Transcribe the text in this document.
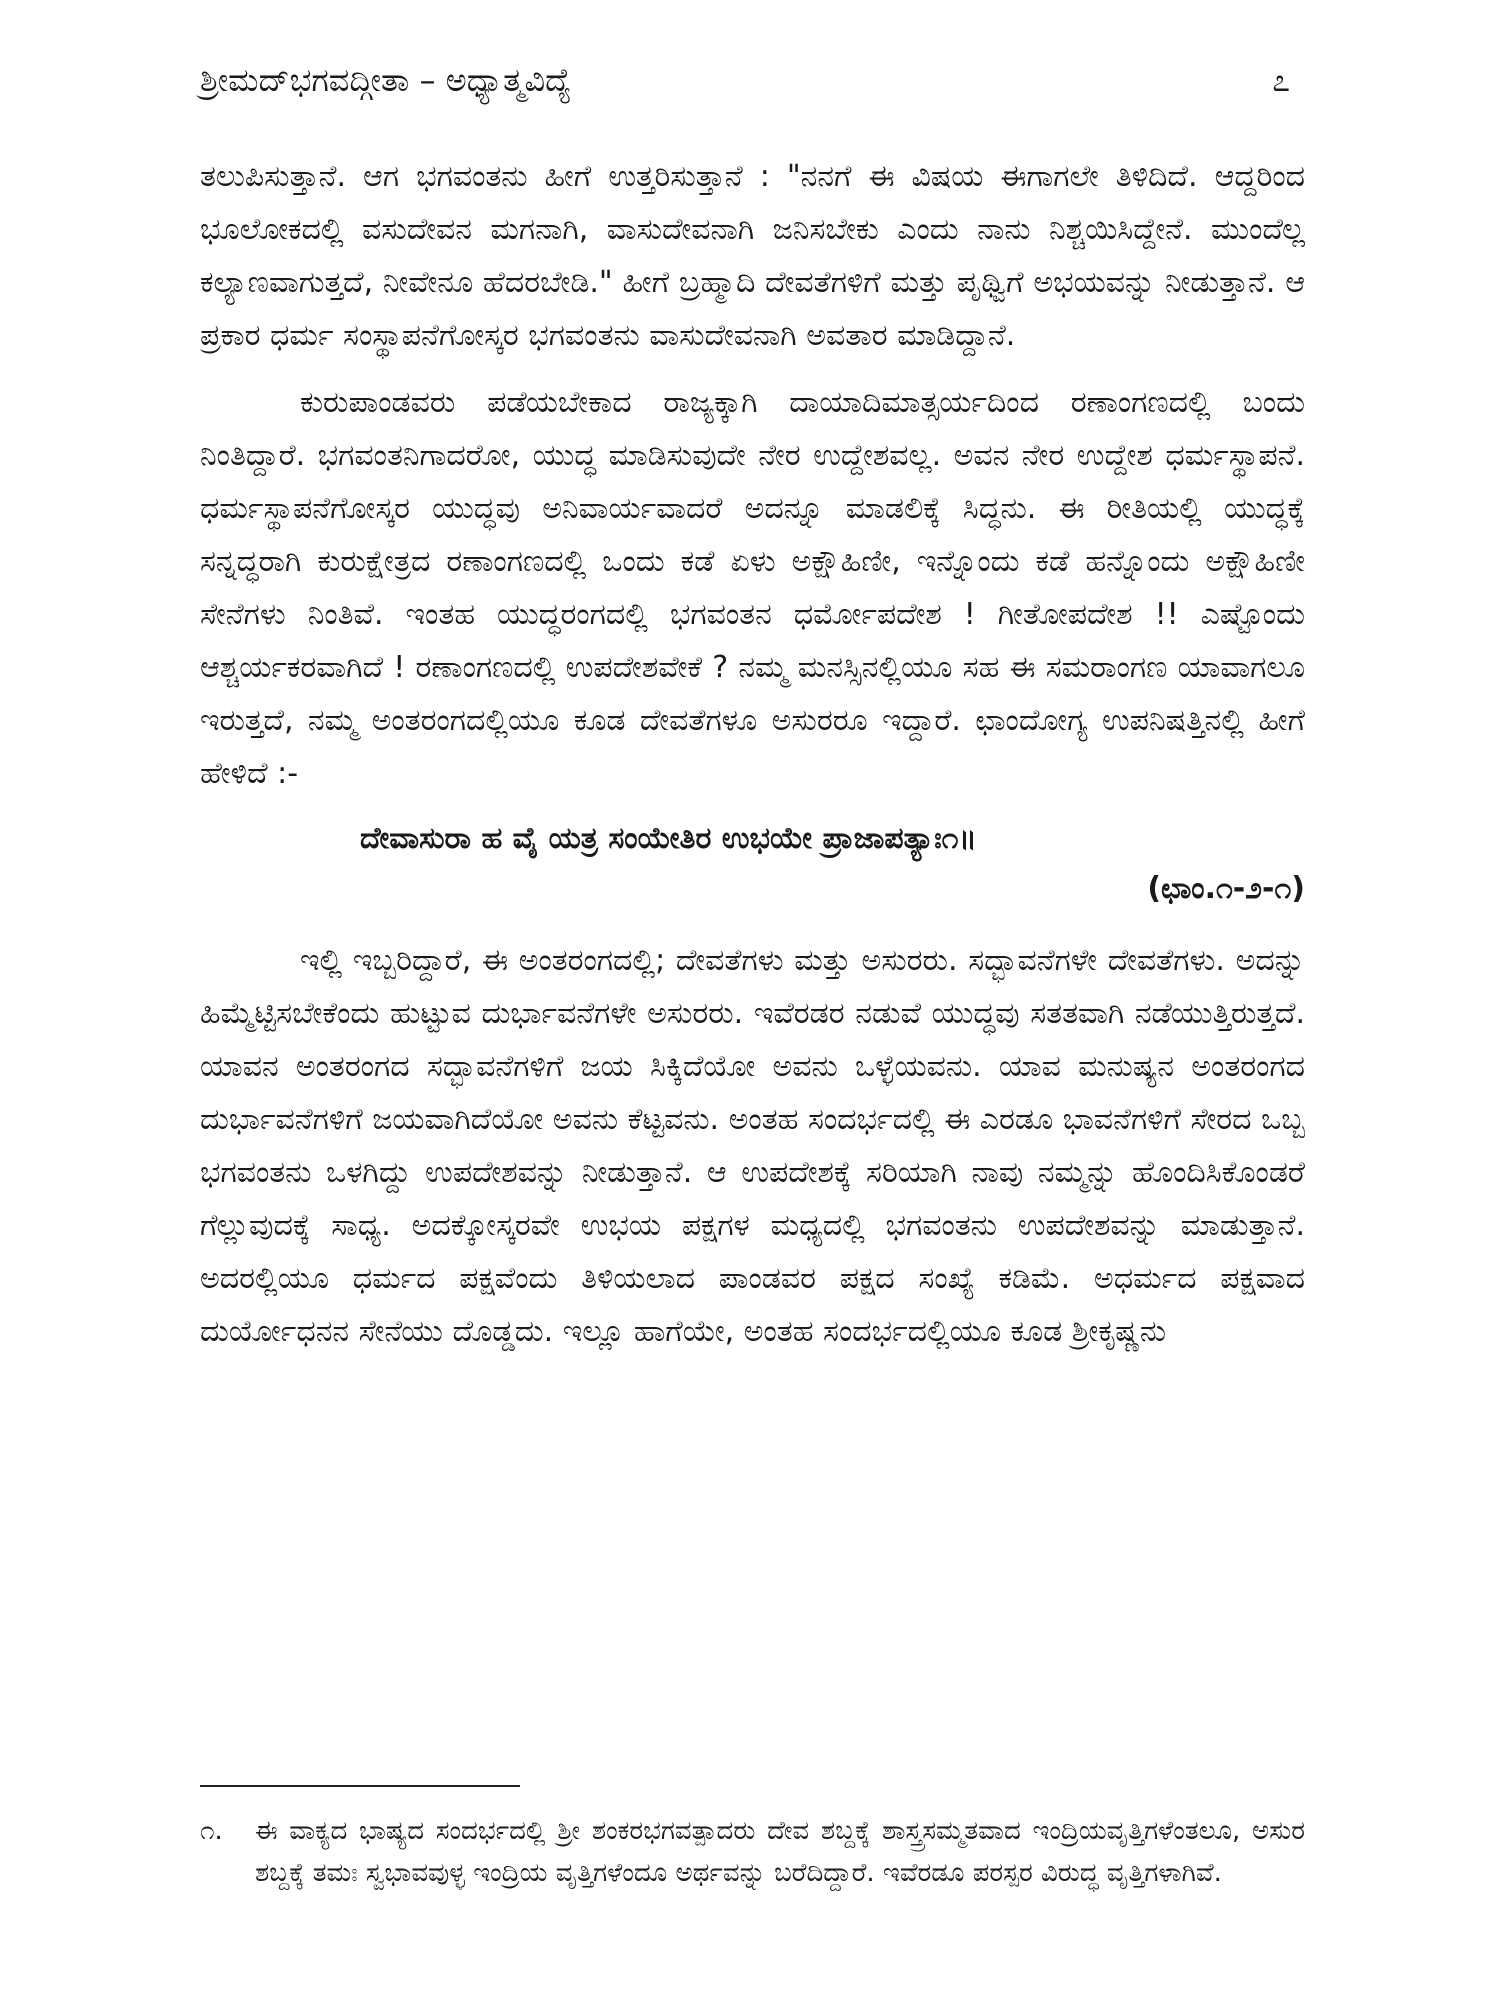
ಶ್ರೀಮದ್‌ಭಗವದ್ಗೀತಾ – ಅಧ್ಯಾತ್ಮವಿದ್ಯೆ	೭

ತಲುಪಿಸುತ್ತಾನೆ. ಆಗ ಭಗವಂತನು ಹೀಗೆ ಉತ್ತರಿಸುತ್ತಾನೆ : "ನನಗೆ ಈ ವಿಷಯ ಈಗಾಗಲೇ ತಿಳಿದಿದೆ. ಆದ್ದರಿಂದ ಭೂಲೋಕದಲ್ಲಿ ವಸುದೇವನ ಮಗನಾಗಿ, ವಾಸುದೇವನಾಗಿ ಜನಿಸಬೇಕು ಎಂದು ನಾನು ನಿಶ್ಚಯಿಸಿದ್ದೇನೆ. ಮುಂದೆಲ್ಲ ಕಲ್ಯಾಣವಾಗುತ್ತದೆ, ನೀವೇನೂ ಹೆದರಬೇಡಿ." ಹೀಗೆ ಬ್ರಹ್ಮಾದಿ ದೇವತೆಗಳಿಗೆ ಮತ್ತು ಪೃಥ್ವಿಗೆ ಅಭಯವನ್ನು ನೀಡುತ್ತಾನೆ. ಆ ಪ್ರಕಾರ ಧರ್ಮ ಸಂಸ್ಥಾಪನೆಗೋಸ್ಕರ ಭಗವಂತನು ವಾಸುದೇವನಾಗಿ ಅವತಾರ ಮಾಡಿದ್ದಾನೆ.

ಕುರುಪಾಂಡವರು ಪಡೆಯಬೇಕಾದ ರಾಜ್ಯಕ್ಕಾಗಿ ದಾಯಾದಿಮಾತ್ಸರ್ಯದಿಂದ ರಣಾಂಗಣದಲ್ಲಿ ಬಂದು ನಿಂತಿದ್ದಾರೆ. ಭಗವಂತನಿಗಾದರೋ, ಯುದ್ಧ ಮಾಡಿಸುವುದೇ ನೇರ ಉದ್ದೇಶವಲ್ಲ. ಅವನ ನೇರ ಉದ್ದೇಶ ಧರ್ಮಸ್ಥಾಪನೆ. ಧರ್ಮಸ್ಥಾಪನೆಗೋಸ್ಕರ ಯುದ್ಧವು ಅನಿವಾರ್ಯವಾದರೆ ಅದನ್ನೂ ಮಾಡಲಿಕ್ಕೆ ಸಿದ್ಧನು. ಈ ರೀತಿಯಲ್ಲಿ ಯುದ್ಧಕ್ಕೆ ಸನ್ನದ್ಧರಾಗಿ ಕುರುಕ್ಷೇತ್ರದ ರಣಾಂಗಣದಲ್ಲಿ ಒಂದು ಕಡೆ ಏಳು ಅಕ್ಷೌಹಿಣೀ, ಇನ್ನೊಂದು ಕಡೆ ಹನ್ನೊಂದು ಅಕ್ಷೌಹಿಣೀ ಸೇನೆಗಳು ನಿಂತಿವೆ. ಇಂತಹ ಯುದ್ಧರಂಗದಲ್ಲಿ ಭಗವಂತನ ಧರ್ಮೋಪದೇಶ ! ಗೀತೋಪದೇಶ !! ಎಷ್ಟೊಂದು ಆಶ್ಚರ್ಯಕರವಾಗಿದೆ ! ರಣಾಂಗಣದಲ್ಲಿ ಉಪದೇಶವೇಕೆ ? ನಮ್ಮ ಮನಸ್ಸಿನಲ್ಲಿಯೂ ಸಹ ಈ ಸಮರಾಂಗಣ ಯಾವಾಗಲೂ ಇರುತ್ತದೆ, ನಮ್ಮ ಅಂತರಂಗದಲ್ಲಿಯೂ ಕೂಡ ದೇವತೆಗಳೂ ಅಸುರರೂ ಇದ್ದಾರೆ. ಛಾಂದೋಗ್ಯ ಉಪನಿಷತ್ತಿನಲ್ಲಿ ಹೀಗೆ ಹೇಳಿದೆ :-

ದೇವಾಸುರಾ ಹ ವೈ ಯತ್ರ ಸಂಯೇತಿರ ಉಭಯೇ ಪ್ರಾಜಾಪತ್ಯಾಃ೧॥
(ಛಾಂ.೧-೨-೧)

ಇಲ್ಲಿ ಇಬ್ಬರಿದ್ದಾರೆ, ಈ ಅಂತರಂಗದಲ್ಲಿ; ದೇವತೆಗಳು ಮತ್ತು ಅಸುರರು. ಸದ್ಭಾವನೆಗಳೇ ದೇವತೆಗಳು. ಅದನ್ನು ಹಿಮ್ಮೆಟ್ಟಿಸಬೇಕೆಂದು ಹುಟ್ಟುವ ದುರ್ಭಾವನೆಗಳೇ ಅಸುರರು. ಇವೆರಡರ ನಡುವೆ ಯುದ್ಧವು ಸತತವಾಗಿ ನಡೆಯುತ್ತಿರುತ್ತದೆ. ಯಾವನ ಅಂತರಂಗದ ಸದ್ಭಾವನೆಗಳಿಗೆ ಜಯ ಸಿಕ್ಕಿದೆಯೋ ಅವನು ಒಳ್ಳೆಯವನು. ಯಾವ ಮನುಷ್ಯನ ಅಂತರಂಗದ ದುರ್ಭಾವನೆಗಳಿಗೆ ಜಯವಾಗಿದೆಯೋ ಅವನು ಕೆಟ್ಟವನು. ಅಂತಹ ಸಂದರ್ಭದಲ್ಲಿ ಈ ಎರಡೂ ಭಾವನೆಗಳಿಗೆ ಸೇರದ ಒಬ್ಬ ಭಗವಂತನು ಒಳಗಿದ್ದು ಉಪದೇಶವನ್ನು ನೀಡುತ್ತಾನೆ. ಆ ಉಪದೇಶಕ್ಕೆ ಸರಿಯಾಗಿ ನಾವು ನಮ್ಮನ್ನು ಹೊಂದಿಸಿಕೊಂಡರೆ ಗೆಲ್ಲುವುದಕ್ಕೆ ಸಾಧ್ಯ. ಅದಕ್ಕೋಸ್ಕರವೇ ಉಭಯ ಪಕ್ಷಗಳ ಮಧ್ಯದಲ್ಲಿ ಭಗವಂತನು ಉಪದೇಶವನ್ನು ಮಾಡುತ್ತಾನೆ. ಅದರಲ್ಲಿಯೂ ಧರ್ಮದ ಪಕ್ಷವೆಂದು ತಿಳಿಯಲಾದ ಪಾಂಡವರ ಪಕ್ಷದ ಸಂಖ್ಯೆ ಕಡಿಮೆ. ಅಧರ್ಮದ ಪಕ್ಷವಾದ ದುರ್ಯೋಧನನ ಸೇನೆಯು ದೊಡ್ಡದು. ಇಲ್ಲೂ ಹಾಗೆಯೇ, ಅಂತಹ ಸಂದರ್ಭದಲ್ಲಿಯೂ ಕೂಡ ಶ್ರೀಕೃಷ್ಣನು

೧. ಈ ವಾಕ್ಯದ ಭಾಷ್ಯದ ಸಂದರ್ಭದಲ್ಲಿ ಶ್ರೀ ಶಂಕರಭಗವತ್ಪಾದರು ದೇವ ಶಬ್ದಕ್ಕೆ ಶಾಸ್ತ್ರಸಮ್ಮತವಾದ ಇಂದ್ರಿಯವೃತ್ತಿಗಳೆಂತಲೂ, ಅಸುರ ಶಬ್ದಕ್ಕೆ ತಮಃ ಸ್ವಭಾವವುಳ್ಳ ಇಂದ್ರಿಯ ವೃತ್ತಿಗಳೆಂದೂ ಅರ್ಥವನ್ನು ಬರೆದಿದ್ದಾರೆ. ಇವೆರಡೂ ಪರಸ್ಪರ ವಿರುದ್ಧ ವೃತ್ತಿಗಳಾಗಿವೆ.
